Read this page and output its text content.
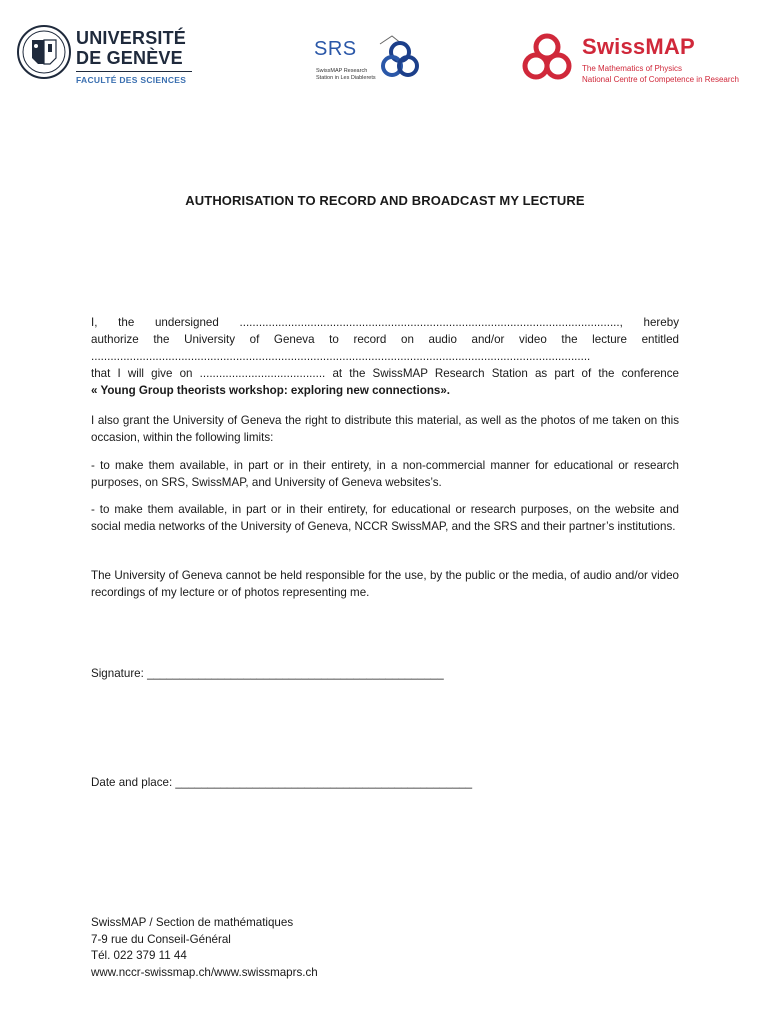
UNIVERSITÉ
DE GENÈVE
FACULTÉ DES SCIENCES
SRS
SwissMAP Research
Station in Les Diablerets
SwissMAP
The Mathematics of Physics
National Centre of Competence in Research
AUTHORISATION TO RECORD AND BROADCAST MY LECTURE
I, the undersigned ......................................................................................................................, hereby
authorize the University of Geneva to record on audio and/or video the lecture entitled
...........................................................................................................................................................
that I will give on ....................................... at the SwissMAP Research Station as part of the conference
« Young Group theorists workshop: exploring new connections».
I also grant the University of Geneva the right to distribute this material, as well as the photos of me taken on this occasion, within the following limits:
- to make them available, in part or in their entirety, in a non-commercial manner for educational or research purposes, on SRS, SwissMAP, and University of Geneva websites’s.
- to make them available, in part or in their entirety, for educational or research purposes, on the website and social media networks of the University of Geneva, NCCR SwissMAP, and the SRS and their partner’s institutions.
The University of Geneva cannot be held responsible for the use, by the public or the media, of audio and/or video recordings of my lecture or of photos representing me.
Signature: ______________________________________________
Date and place: ______________________________________________
SwissMAP / Section de mathématiques
7-9 rue du Conseil-Général
Tél. 022 379 11 44
www.nccr-swissmap.ch/www.swissmaprs.ch
